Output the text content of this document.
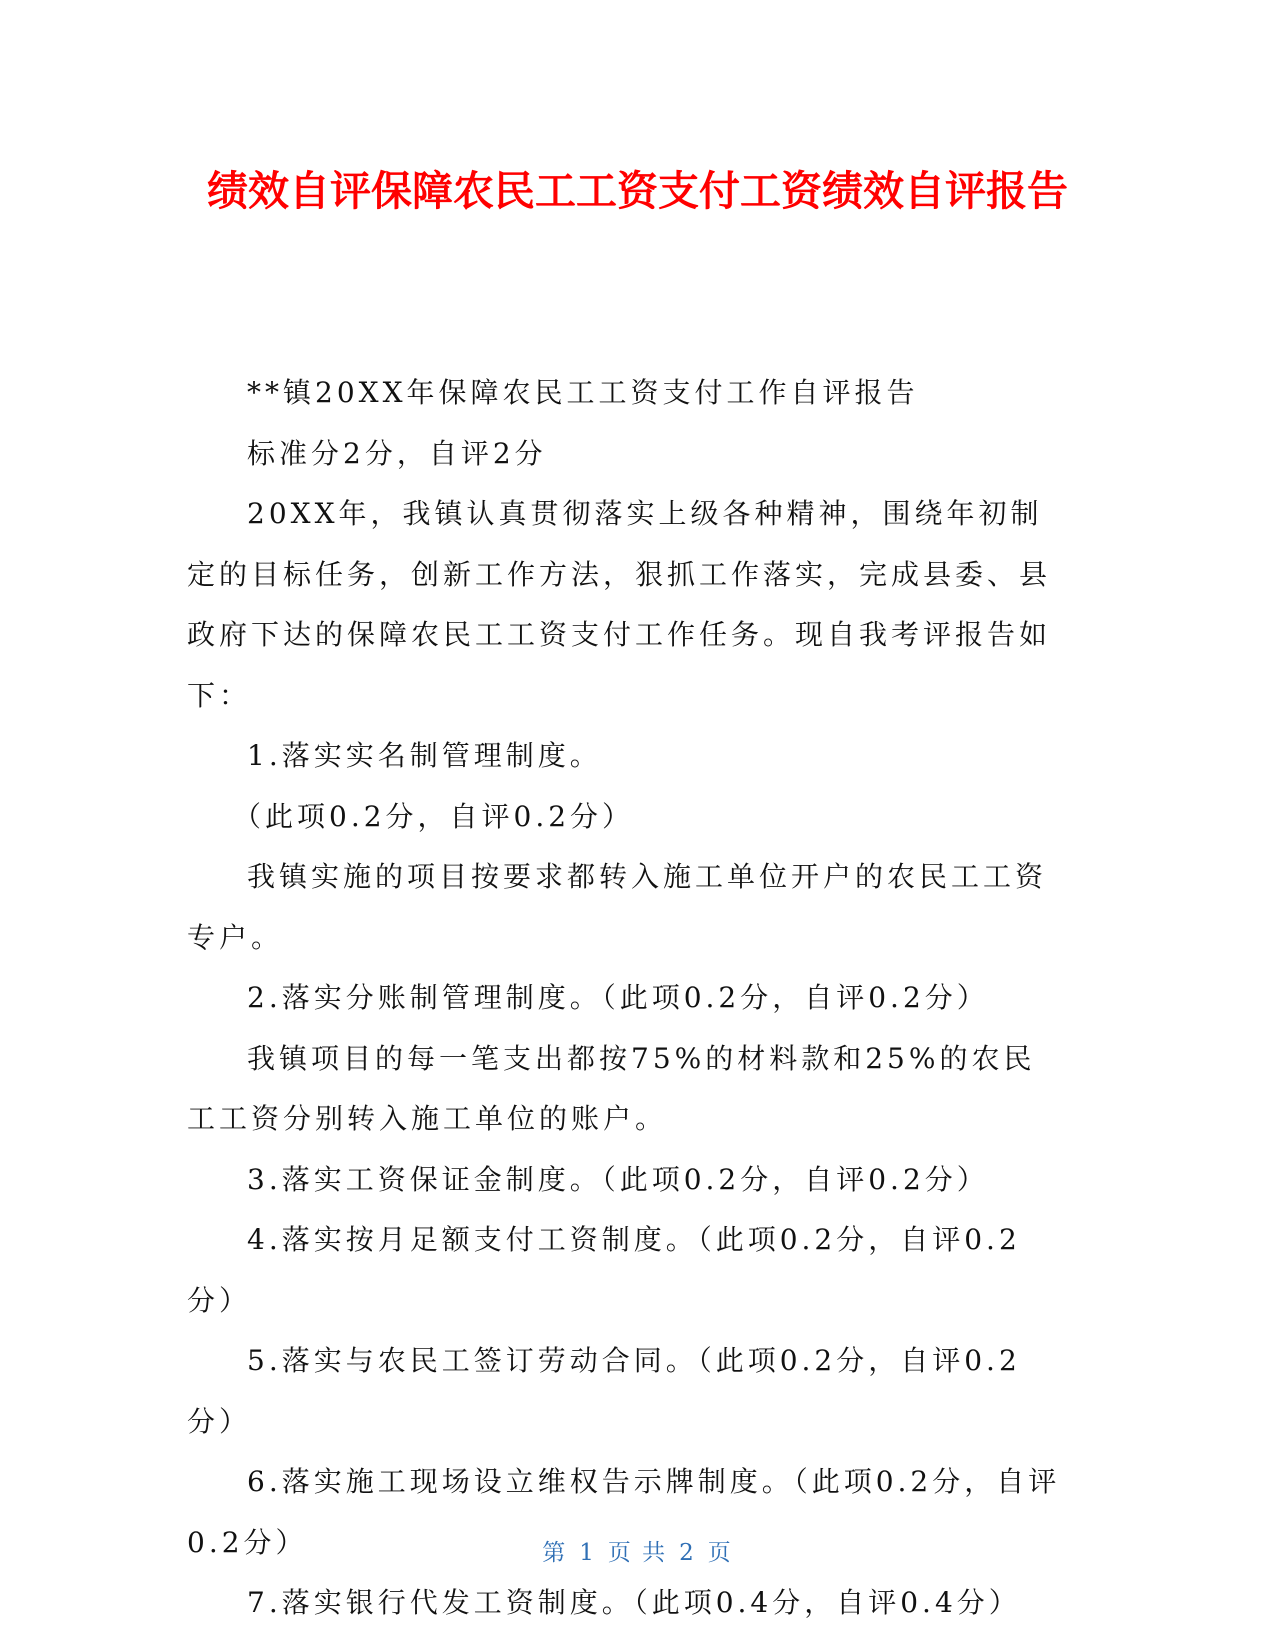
绩效自评保障农民工工资支付工资绩效自评报告

**镇20XX年保障农民工工资支付工作自评报告

标准分2分，自评2分

20XX年，我镇认真贯彻落实上级各种精神，围绕年初制定的目标任务，创新工作方法，狠抓工作落实，完成县委、县政府下达的保障农民工工资支付工作任务。现自我考评报告如下：

1.落实实名制管理制度。

（此项0.2分，自评0.2分）

我镇实施的项目按要求都转入施工单位开户的农民工工资专户。

2.落实分账制管理制度。（此项0.2分，自评0.2分）

我镇项目的每一笔支出都按75%的材料款和25%的农民工工资分别转入施工单位的账户。

3.落实工资保证金制度。（此项0.2分，自评0.2分）

4.落实按月足额支付工资制度。（此项0.2分，自评0.2分）

5.落实与农民工签订劳动合同。（此项0.2分，自评0.2分）

6.落实施工现场设立维权告示牌制度。（此项0.2分，自评0.2分）

7.落实银行代发工资制度。（此项0.4分，自评0.4分）

第 1 页 共 2 页
